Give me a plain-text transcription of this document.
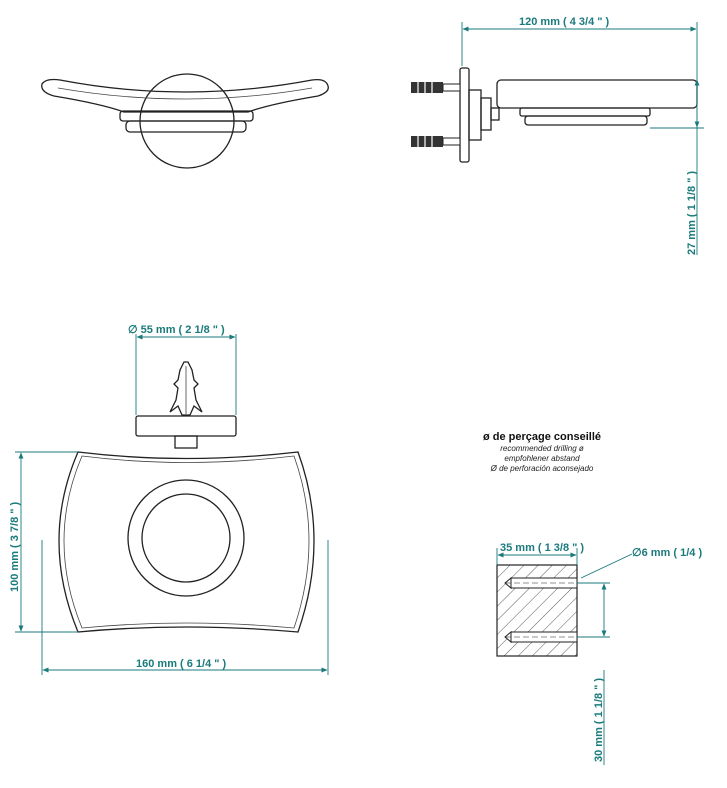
120 mm ( 4 3/4 " )
27 mm ( 1 1/8 " )
∅ 55 mm ( 2 1/8 " )
100 mm ( 3 7/8 " )
160 mm ( 6 1/4 " )
ø de perçage conseillé
recommended drilling ø
empfohlener abstand
Ø de perforación aconsejado
35 mm ( 1 3/8 " )	∅6 mm ( 1/4 )
30 mm ( 1 1/8 " )
